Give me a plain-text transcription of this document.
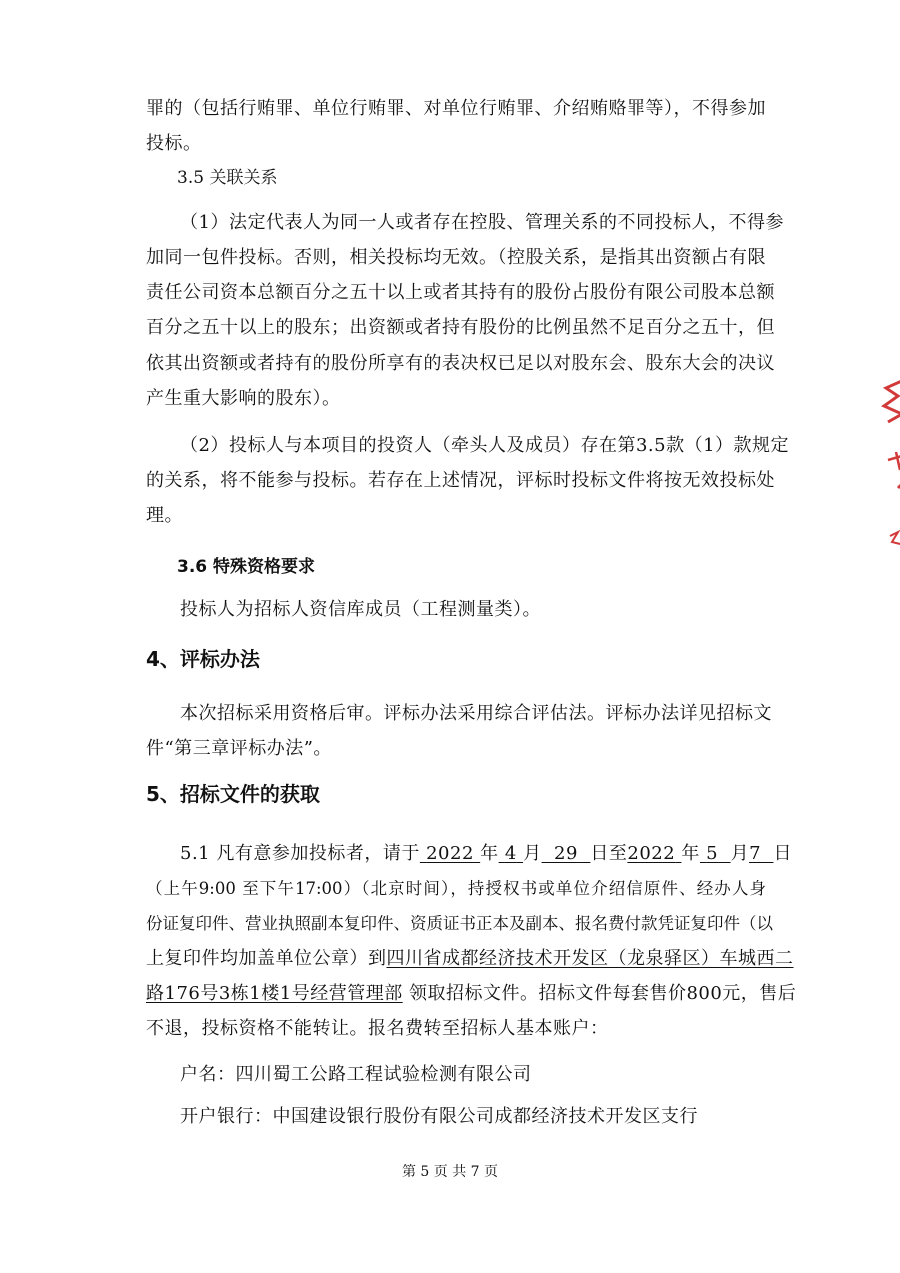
罪的（包括行贿罪、单位行贿罪、对单位行贿罪、介绍贿赂罪等），不得参加
投标。
3.5 关联关系
（1）法定代表人为同一人或者存在控股、管理关系的不同投标人，不得参
加同一包件投标。否则，相关投标均无效。（控股关系，是指其出资额占有限
责任公司资本总额百分之五十以上或者其持有的股份占股份有限公司股本总额
百分之五十以上的股东；出资额或者持有股份的比例虽然不足百分之五十，但
依其出资额或者持有的股份所享有的表决权已足以对股东会、股东大会的决议
产生重大影响的股东）。
（2）投标人与本项目的投资人（牵头人及成员）存在第3.5款（1）款规定
的关系，将不能参与投标。若存在上述情况，评标时投标文件将按无效投标处
理。
3.6 特殊资格要求
投标人为招标人资信库成员（工程测量类）。
4、评标办法
本次招标采用资格后审。评标办法采用综合评估法。评标办法详见招标文
件“第三章评标办法”。
5、招标文件的获取
5.1 凡有意参加投标者，请于 2022 年 4 月 29 日至2022 年 5 月7 日
（上午9:00 至下午17:00）（北京时间），持授权书或单位介绍信原件、经办人身
份证复印件、营业执照副本复印件、资质证书正本及副本、报名费付款凭证复印件（以
上复印件均加盖单位公章）到四川省成都经济技术开发区（龙泉驿区）车城西二
路176号3栋1楼1号经营管理部 领取招标文件。招标文件每套售价800元，售后
不退，投标资格不能转让。报名费转至招标人基本账户：
户名：四川蜀工公路工程试验检测有限公司
开户银行：中国建设银行股份有限公司成都经济技术开发区支行
第 5 页 共 7 页
